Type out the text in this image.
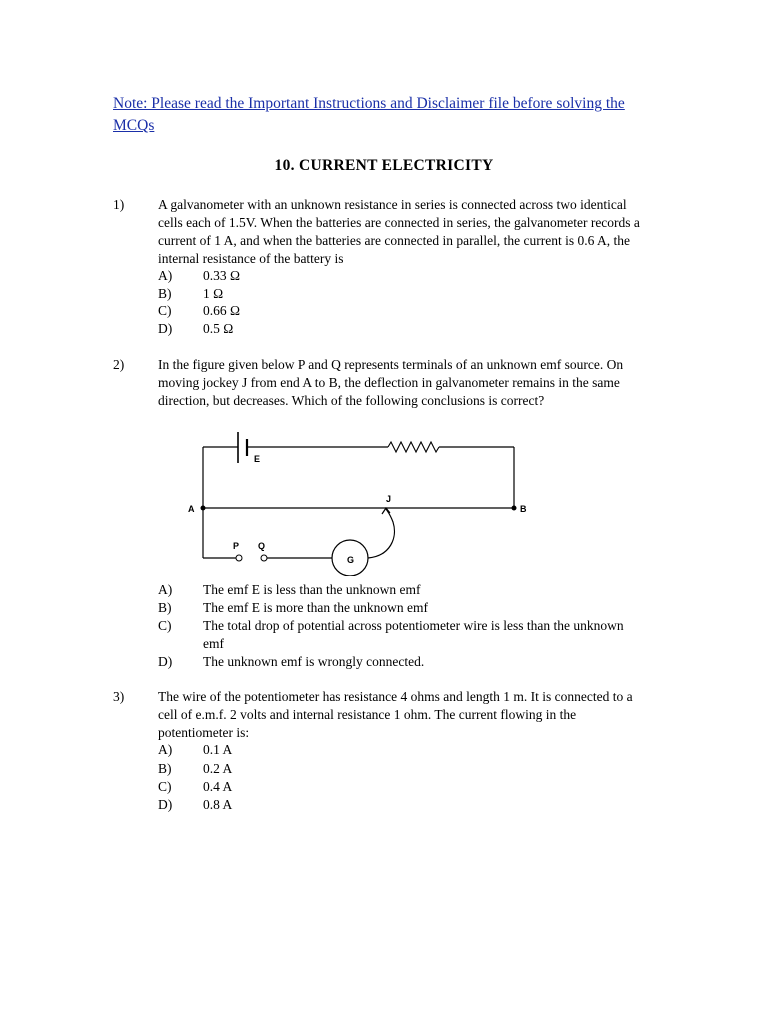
Note: Please read the Important Instructions and Disclaimer file before solving the MCQs
10. CURRENT ELECTRICITY
1)	A galvanometer with an unknown resistance in series is connected across two identical cells each of 1.5V. When the batteries are connected in series, the galvanometer records a current of 1 A, and when the batteries are connected in parallel, the current is 0.6 A, the internal resistance of the battery is
A) 0.33 Ω
B) 1 Ω
C) 0.66 Ω
D) 0.5 Ω
2)	In the figure given below P and Q represents terminals of an unknown emf source. On moving jockey J from end A to B, the deflection in galvanometer remains in the same direction, but decreases. Which of the following conclusions is correct?
E
A	B
J
P Q
G
A) The emf E is less than the unknown emf
B) The emf E is more than the unknown emf
C) The total drop of potential across potentiometer wire is less than the unknown emf
D) The unknown emf is wrongly connected.
3)	The wire of the potentiometer has resistance 4 ohms and length 1 m. It is connected to a cell of e.m.f. 2 volts and internal resistance 1 ohm. The current flowing in the potentiometer is:
A) 0.1 A
B) 0.2 A
C) 0.4 A
D) 0.8 A
